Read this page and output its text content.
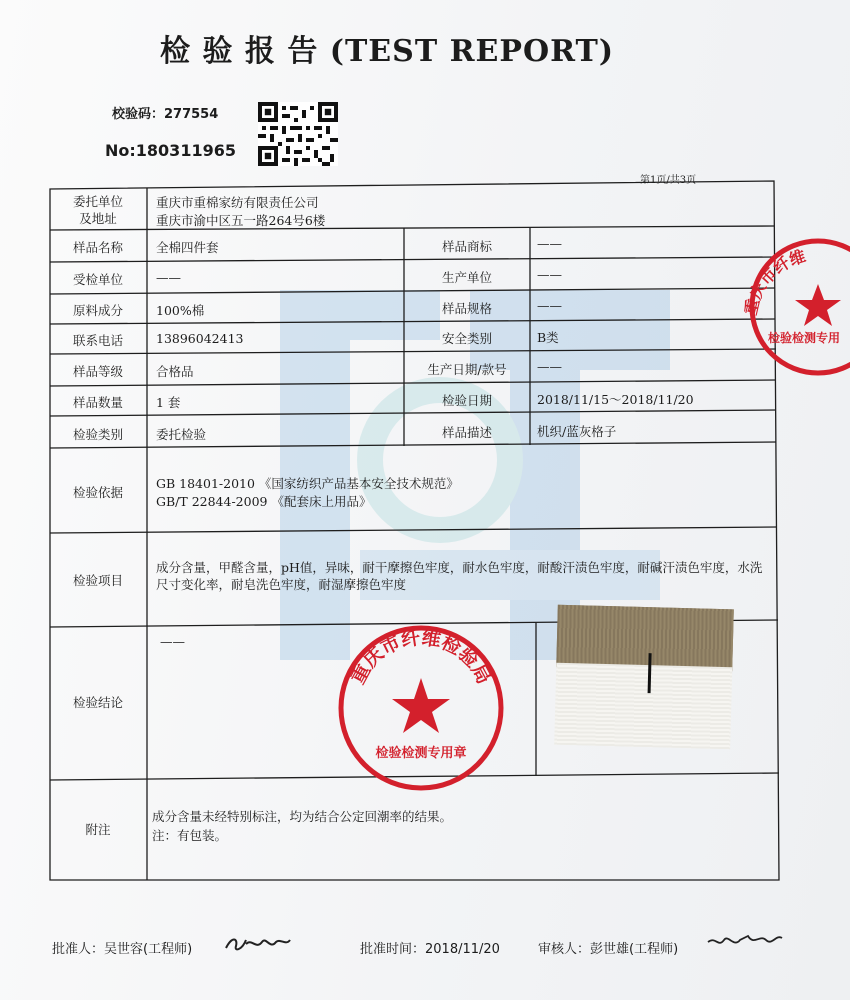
检 验 报 告 (TEST REPORT)
校验码：277554
No:180311965
第1页/共3页
委托单位
及地址
重庆市重棉家纺有限责任公司
重庆市渝中区五一路264号6楼
样品名称	全棉四件套	样品商标	——
受检单位	——	生产单位	——
原料成分	100%棉	样品规格	——
联系电话	13896042413	安全类别	B类
样品等级	合格品	生产日期/款号	——
样品数量	1 套	检验日期	2018/11/15～2018/11/20
检验类别	委托检验	样品描述	机织/蓝灰格子
检验依据
GB 18401-2010 《国家纺织产品基本安全技术规范》
GB/T 22844-2009 《配套床上用品》
检验项目
成分含量，甲醛含量，pH值，异味，耐干摩擦色牢度，耐水色牢度，耐酸汗渍色牢度，耐碱汗渍色牢度，水洗尺寸变化率，耐皂洗色牢度，耐湿摩擦色牢度
检验结论
——
附注
成分含量未经特别标注，均为结合公定回潮率的结果。
注：有包装。
重庆市纤维检验局
检验检测专用章
重庆市纤维
检验检测专用
批准人：吴世容(工程师)	批准时间：2018/11/20	审核人：彭世雄(工程师)
